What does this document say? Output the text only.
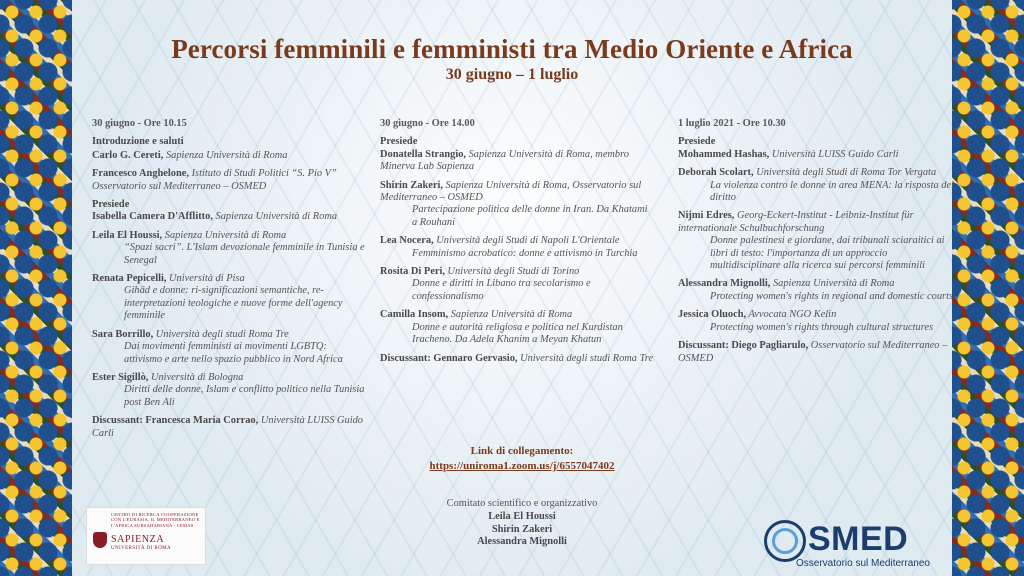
Percorsi femminili e femministi tra Medio Oriente e Africa
30 giugno – 1 luglio
30 giugno - Ore 10.15
Introduzione e saluti
Carlo G. Cereti, Sapienza Università di Roma
Francesco Anghelone, Istituto di Studi Politici “S. Pio V” Osservatorio sul Mediterraneo – OSMED
Presiede
Isabella Camera D'Afflitto, Sapienza Università di Roma
Leila El Houssi, Sapienza Università di Roma
“Spazi sacri”. L'Islam devozionale femminile in Tunisia e Senegal
Renata Pepicelli, Università di Pisa
Gihād e donne: ri-significazioni semantiche, re-interpretazioni teologiche e nuove forme dell'agency femminile
Sara Borrillo, Università degli studi Roma Tre
Dai movimenti femministi ai movimenti LGBTQ: attivismo e arte nello spazio pubblico in Nord Africa
Ester Sigillò, Università di Bologna
Diritti delle donne, Islam e conflitto politico nella Tunisia post Ben Ali
Discussant: Francesca Maria Corrao, Università LUISS Guido Carli
30 giugno - Ore 14.00
Presiede
Donatella Strangio, Sapienza Università di Roma, membro Minerva Lab Sapienza
Shirin Zakeri, Sapienza Università di Roma, Osservatorio sul Mediterraneo – OSMED
Partecipazione politica delle donne in Iran. Da Khatami a Rouhani
Lea Nocera, Università degli Studi di Napoli L'Orientale
Femminismo acrobatico: donne e attivismo in Turchia
Rosita Di Peri, Università degli Studi di Torino
Donne e diritti in Libano tra secolarismo e confessionalismo
Camilla Insom, Sapienza Università di Roma
Donne e autorità religiosa e politica nel Kurdistan Iracheno. Da Adela Khanim a Meyan Khatun
Discussant: Gennaro Gervasio, Università degli studi Roma Tre
1 luglio 2021 - Ore 10.30
Presiede
Mohammed Hashas, Università LUISS Guido Carli
Deborah Scolart, Università degli Studi di Roma Tor Vergata
La violenza contro le donne in area MENA: la risposta del diritto
Nijmi Edres, Georg-Eckert-Institut - Leibniz-Institut für internationale Schulbuchforschung
Donne palestinesi e giordane, dai tribunali sciaraitici ai libri di testo: l'importanza di un approccio multidisciplinare alla ricerca sui percorsi femminili
Alessandra Mignolli, Sapienza Università di Roma
Protecting women's rights in regional and domestic courts
Jessica Oluoch, Avvocata NGO Kelin
Protecting women's rights through cultural structures
Discussant: Diego Pagliarulo, Osservatorio sul Mediterraneo – OSMED
Link di collegamento:
https://uniroma1.zoom.us/j/6557047402
Comitato scientifico e organizzativo
Leila El Houssi
Shirin Zakeri
Alessandra Mignolli
CENTRO DI RICERCA COOPERAZIONE CON L'EURASIA, IL MEDITERRANEO E L'AFRICA SUBSAHARIANA - CEMAS
SAPIENZA
UNIVERSITÀ DI ROMA	SMED
Osservatorio sul Mediterraneo
